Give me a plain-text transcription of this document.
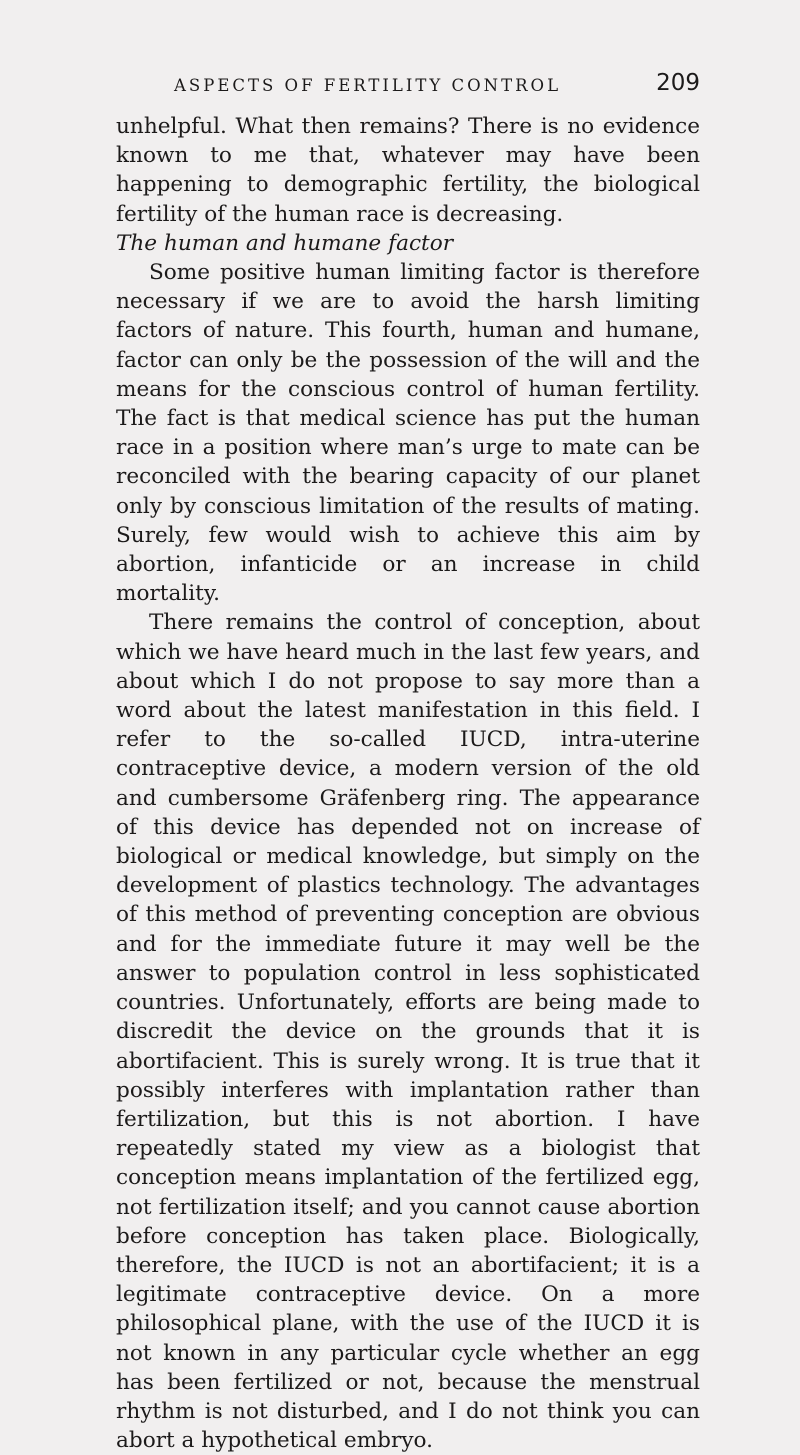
ASPECTS OF FERTILITY CONTROL	209

unhelpful. What then remains? There is no evidence known to me that, whatever may have been happening to demographic fertility, the biological fertility of the human race is decreasing.

The human and humane factor

Some positive human limiting factor is therefore necessary if we are to avoid the harsh limiting factors of nature. This fourth, human and humane, factor can only be the possession of the will and the means for the conscious control of human fertility. The fact is that medical science has put the human race in a position where man’s urge to mate can be reconciled with the bearing capacity of our planet only by conscious limitation of the results of mating. Surely, few would wish to achieve this aim by abortion, infanticide or an increase in child mortality.

There remains the control of conception, about which we have heard much in the last few years, and about which I do not propose to say more than a word about the latest manifestation in this field. I refer to the so-called IUCD, intra-uterine contraceptive device, a modern version of the old and cumbersome Gräfenberg ring. The appearance of this device has depended not on increase of biological or medical knowledge, but simply on the development of plastics technology. The advantages of this method of preventing conception are obvious and for the immediate future it may well be the answer to population control in less sophisticated countries. Unfortunately, efforts are being made to discredit the device on the grounds that it is abortifacient. This is surely wrong. It is true that it possibly interferes with implantation rather than fertilization, but this is not abortion. I have repeatedly stated my view as a biologist that conception means implantation of the fertilized egg, not fertilization itself; and you cannot cause abortion before conception has taken place. Biologically, therefore, the IUCD is not an abortifacient; it is a legitimate contraceptive device. On a more philosophical plane, with the use of the IUCD it is not known in any particular cycle whether an egg has been fertilized or not, because the menstrual rhythm is not disturbed, and I do not think you can abort a hypothetical embryo.
